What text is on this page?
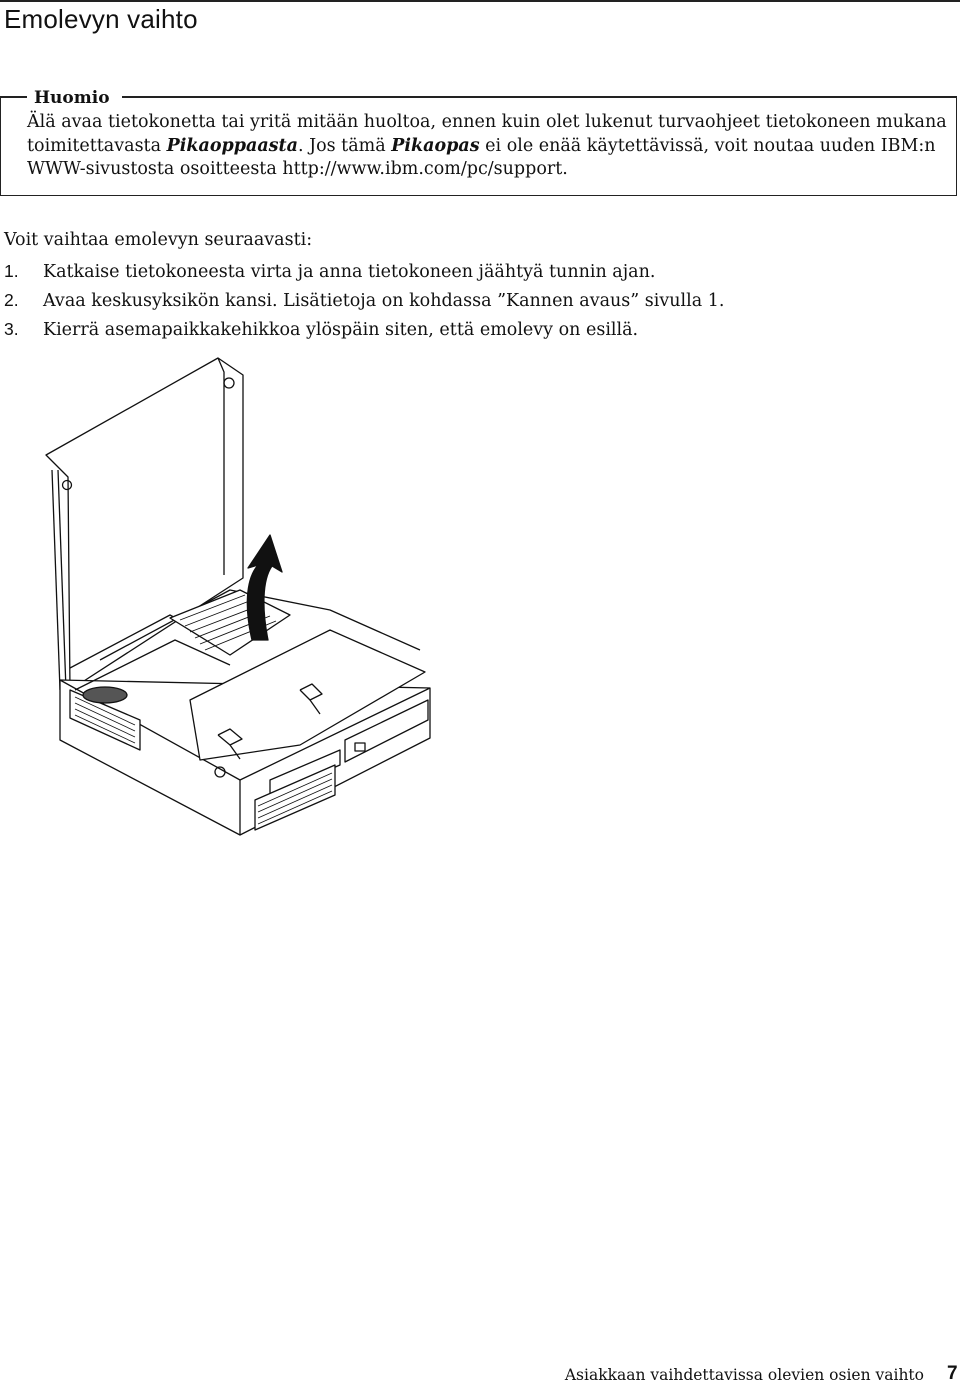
Emolevyn vaihto
Huomio
Älä avaa tietokonetta tai yritä mitään huoltoa, ennen kuin olet lukenut turvaohjeet tietokoneen mukana toimitettavasta Pikaoppaasta. Jos tämä Pikaopas ei ole enää käytettävissä, voit noutaa uuden IBM:n WWW-sivustosta osoitteesta http://www.ibm.com/pc/support.

Voit vaihtaa emolevyn seuraavasti:

1. Katkaise tietokoneesta virta ja anna tietokoneen jäähtyä tunnin ajan.
2. Avaa keskusyksikön kansi. Lisätietoja on kohdassa ”Kannen avaus” sivulla 1.
3. Kierrä asemapaikkakehikkoa ylöspäin siten, että emolevy on esillä.
Asiakkaan vaihdettavissa olevien osien vaihto 7
